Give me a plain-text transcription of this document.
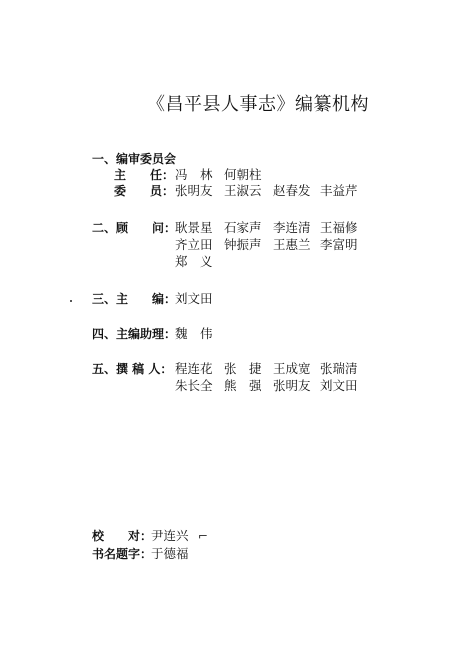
《昌平县人事志》编纂机构
一、编审委员会
主　　任： 冯　林 何朝柱
委　　员： 张明友 王淑云 赵春发 丰益芹
二、顾　　问：
耿景星 石家声 李连清 王福修
齐立田 钟振声 王惠兰 李富明
郑　义
三、主　　编：
刘文田
四、主编助理：
魏　伟
五、撰 稿 人： 程连花 张　捷 王成宽 张瑞清
朱长全 熊　强 张明友 刘文田
校　　对：
尹连兴 ⌐
书名题字：
于德福
